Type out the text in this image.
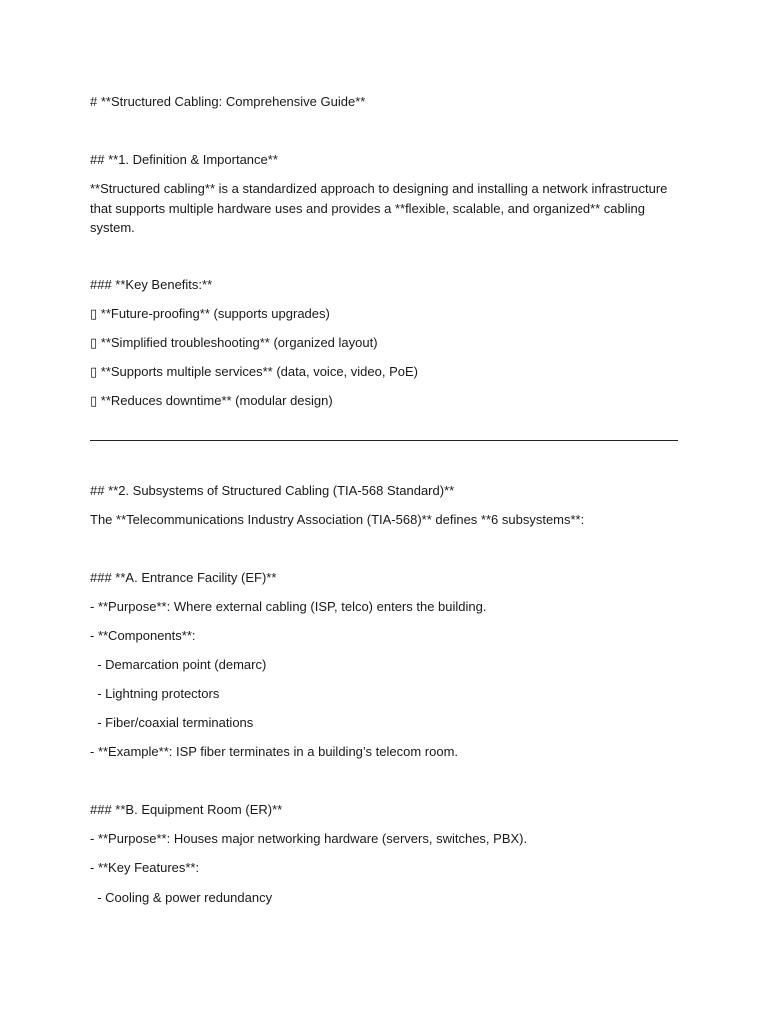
# **Structured Cabling: Comprehensive Guide**
## **1. Definition & Importance**
**Structured cabling** is a standardized approach to designing and installing a network infrastructure that supports multiple hardware uses and provides a **flexible, scalable, and organized** cabling system.
### **Key Benefits:**
▯ **Future-proofing** (supports upgrades)
▯ **Simplified troubleshooting** (organized layout)
▯ **Supports multiple services** (data, voice, video, PoE)
▯ **Reduces downtime** (modular design)
## **2. Subsystems of Structured Cabling (TIA-568 Standard)**
The **Telecommunications Industry Association (TIA-568)** defines **6 subsystems**:
### **A. Entrance Facility (EF)**
- **Purpose**: Where external cabling (ISP, telco) enters the building.
- **Components**:
- Demarcation point (demarc)
- Lightning protectors
- Fiber/coaxial terminations
- **Example**: ISP fiber terminates in a building’s telecom room.
### **B. Equipment Room (ER)**
- **Purpose**: Houses major networking hardware (servers, switches, PBX).
- **Key Features**:
- Cooling & power redundancy
